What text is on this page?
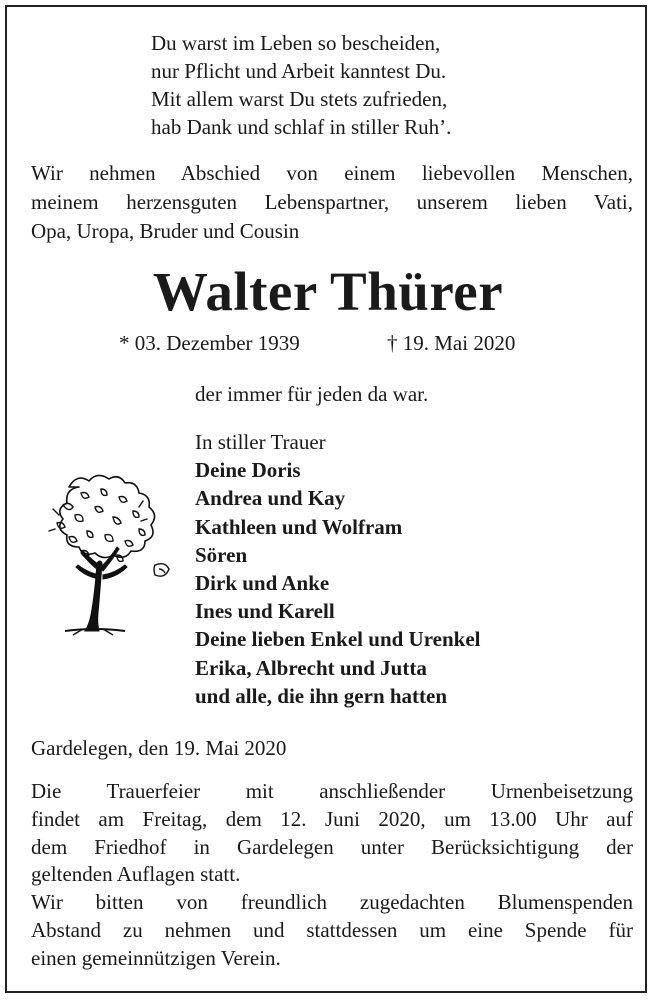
Du warst im Leben so bescheiden,
nur Pflicht und Arbeit kanntest Du.
Mit allem warst Du stets zufrieden,
hab Dank und schlaf in stiller Ruh’.
Wir nehmen Abschied von einem liebevollen Menschen,
meinem herzensguten Lebenspartner, unserem lieben Vati,
Opa, Uropa, Bruder und Cousin
Walter Thürer
* 03. Dezember 1939	† 19. Mai 2020
der immer für jeden da war.
In stiller Trauer
Deine Doris
Andrea und Kay
Kathleen und Wolfram
Sören
Dirk und Anke
Ines und Karell
Deine lieben Enkel und Urenkel
Erika, Albrecht und Jutta
und alle, die ihn gern hatten
Gardelegen, den 19. Mai 2020
Die Trauerfeier mit anschließender Urnenbeisetzung
findet am Freitag, dem 12. Juni 2020, um 13.00 Uhr auf
dem Friedhof in Gardelegen unter Berücksichtigung der
geltenden Auflagen statt.
Wir bitten von freundlich zugedachten Blumenspenden
Abstand zu nehmen und stattdessen um eine Spende für
einen gemeinnützigen Verein.
